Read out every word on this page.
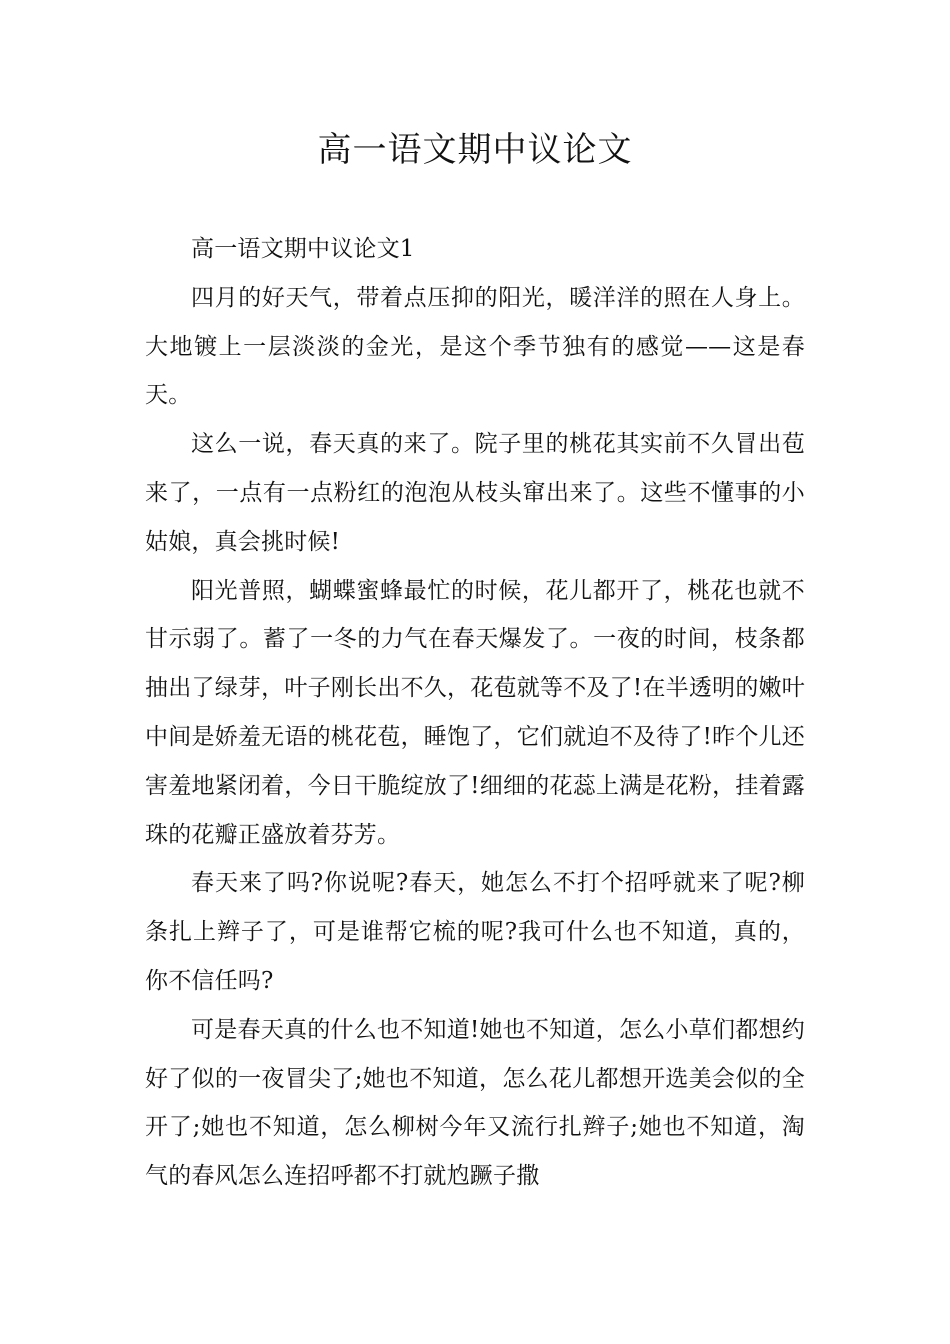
高一语文期中议论文

高一语文期中议论文1

四月的好天气，带着点压抑的阳光，暖洋洋的照在人身上。大地镀上一层淡淡的金光，是这个季节独有的感觉——这是春天。

这么一说，春天真的来了。院子里的桃花其实前不久冒出苞来了，一点有一点粉红的泡泡从枝头窜出来了。这些不懂事的小姑娘，真会挑时候!

阳光普照，蝴蝶蜜蜂最忙的时候，花儿都开了，桃花也就不甘示弱了。蓄了一冬的力气在春天爆发了。一夜的时间，枝条都抽出了绿芽，叶子刚长出不久，花苞就等不及了!在半透明的嫩叶中间是娇羞无语的桃花苞，睡饱了，它们就迫不及待了!昨个儿还害羞地紧闭着，今日干脆绽放了!细细的花蕊上满是花粉，挂着露珠的花瓣正盛放着芬芳。

春天来了吗?你说呢?春天，她怎么不打个招呼就来了呢?柳条扎上辫子了，可是谁帮它梳的呢?我可什么也不知道，真的，你不信任吗?

可是春天真的什么也不知道!她也不知道，怎么小草们都想约好了似的一夜冒尖了;她也不知道，怎么花儿都想开选美会似的全开了;她也不知道，怎么柳树今年又流行扎辫子;她也不知道，淘气的春风怎么连招呼都不打就尥蹶子撒
